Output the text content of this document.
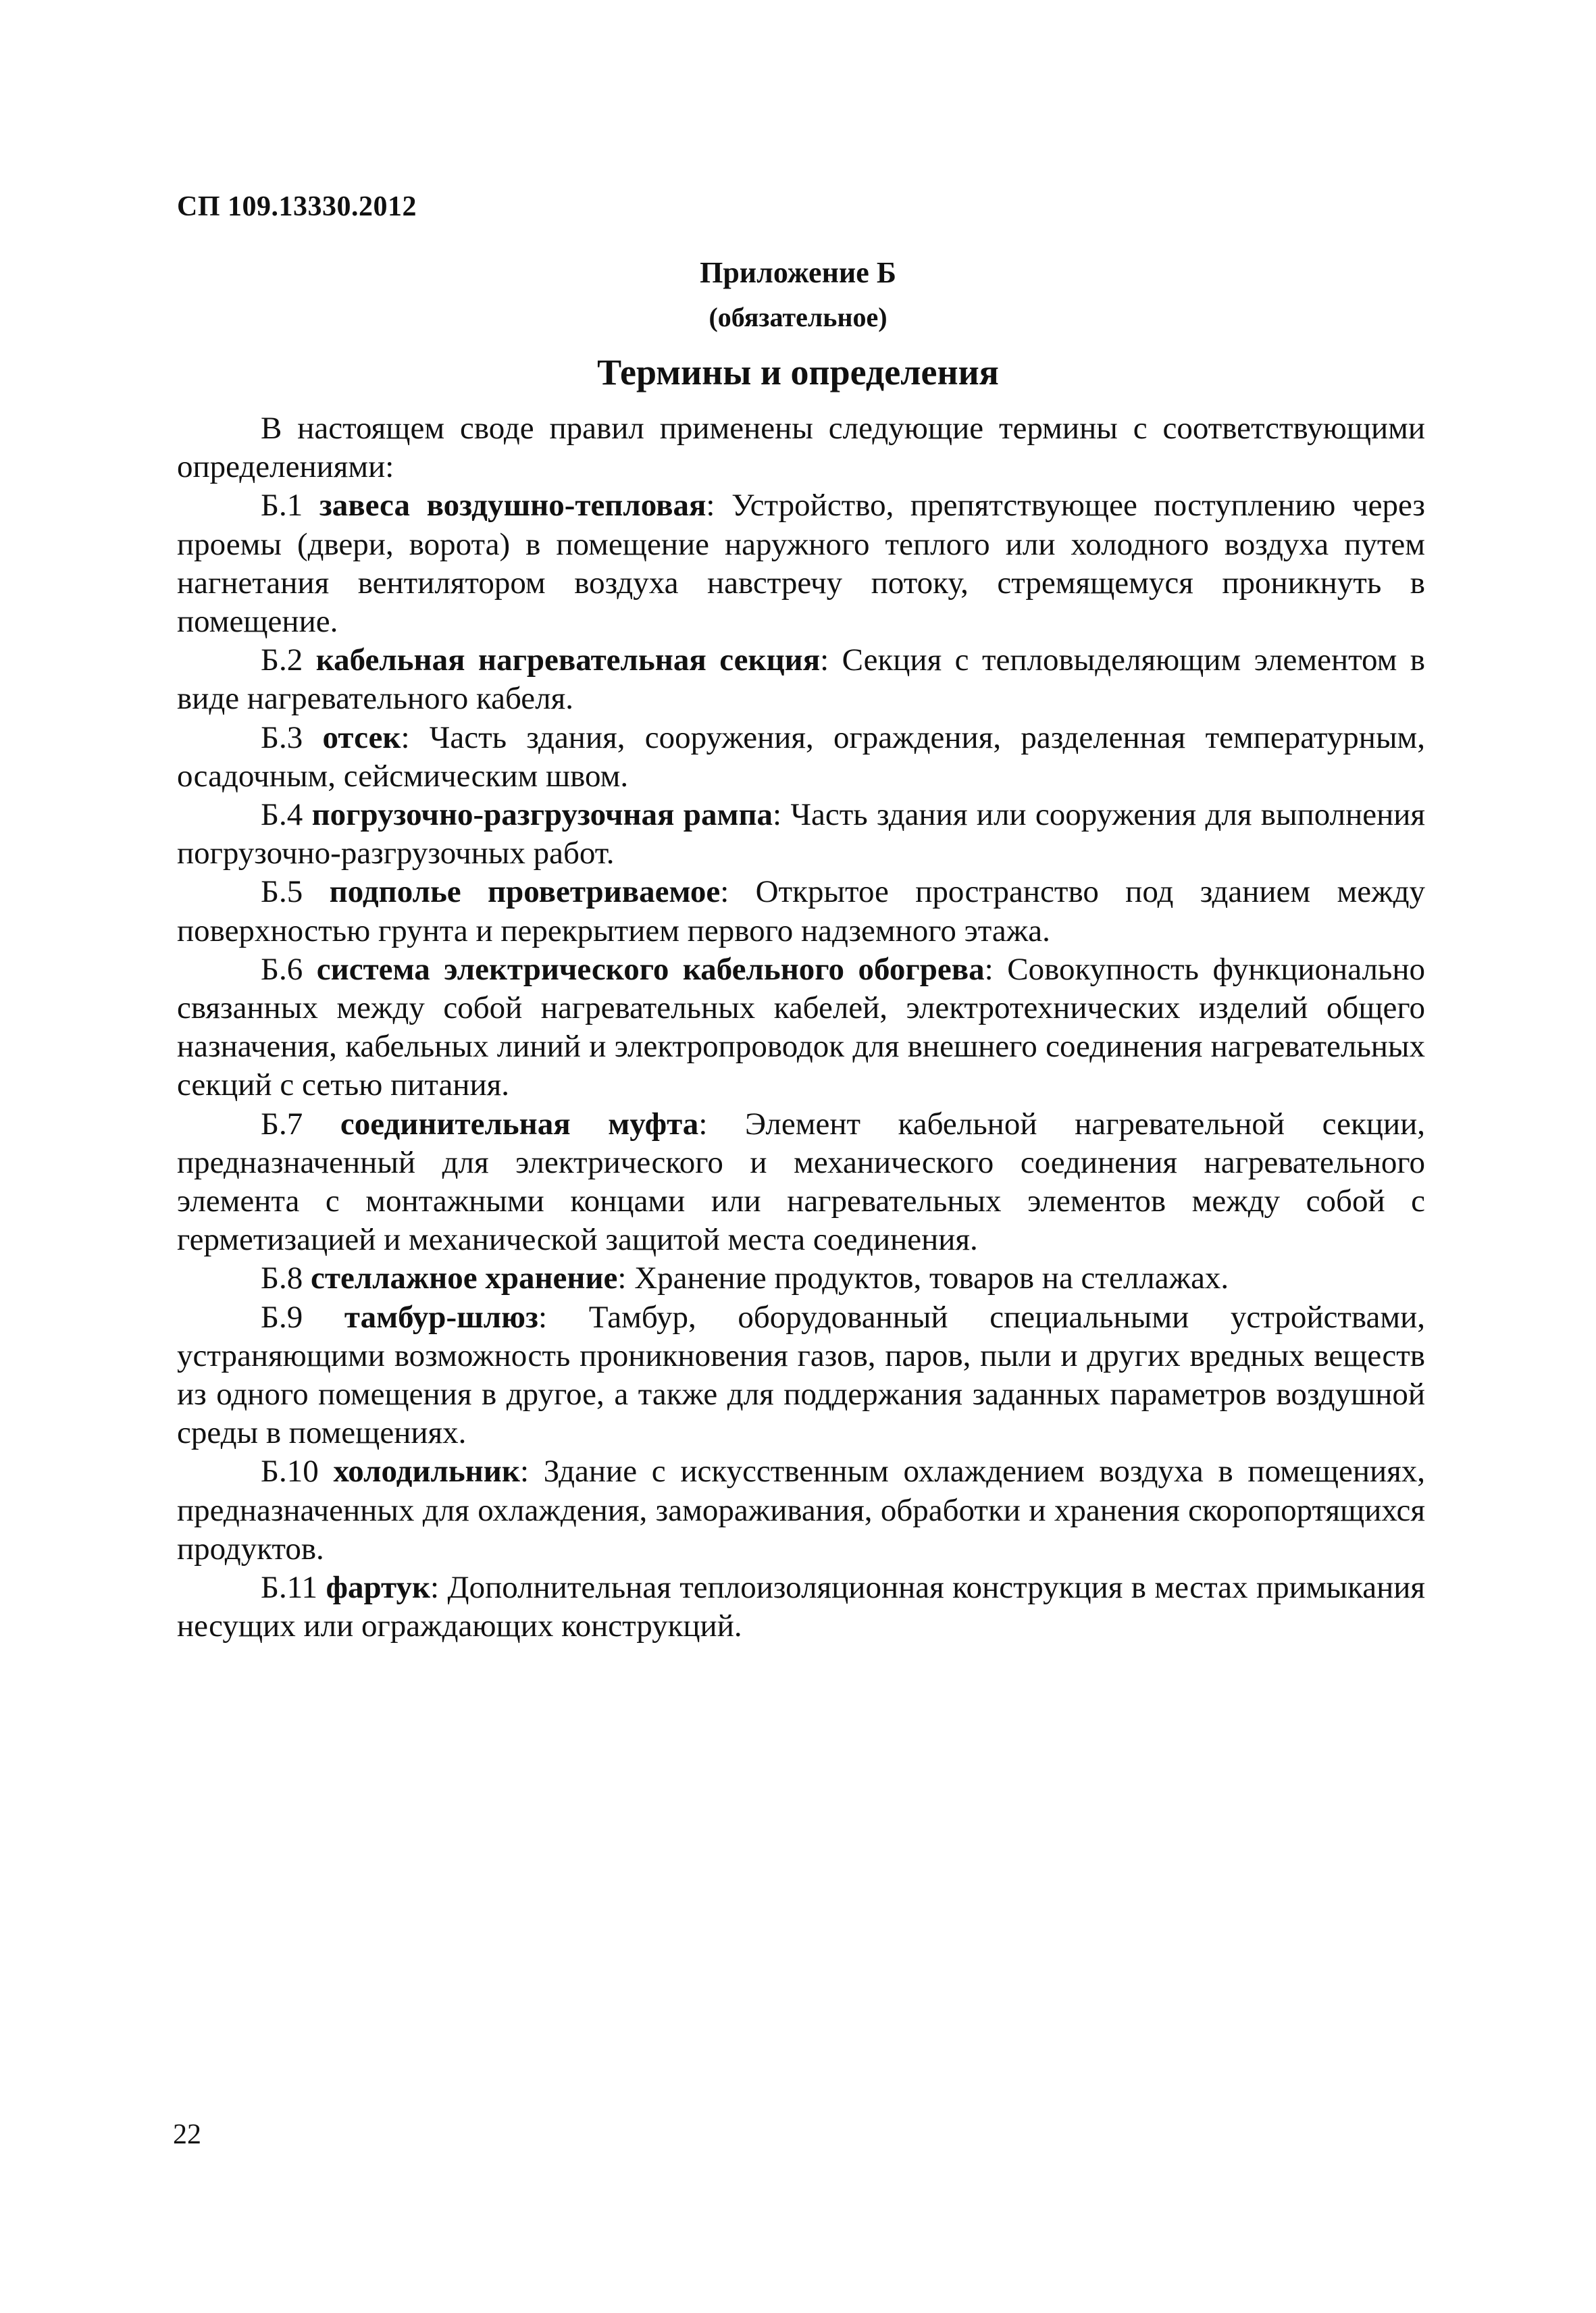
СП 109.13330.2012
Приложение Б
(обязательное)
Термины и определения

В настоящем своде правил применены следующие термины с соответствующими определениями:

Б.1 завеса воздушно-тепловая: Устройство, препятствующее поступлению через проемы (двери, ворота) в помещение наружного теплого или холодного воздуха путем нагнетания вентилятором воздуха навстречу потоку, стремящемуся проникнуть в помещение.

Б.2 кабельная нагревательная секция: Секция с тепловыделяющим элементом в виде нагревательного кабеля.

Б.3 отсек: Часть здания, сооружения, ограждения, разделенная температурным, осадочным, сейсмическим швом.

Б.4 погрузочно-разгрузочная рампа: Часть здания или сооружения для выполнения погрузочно-разгрузочных работ.

Б.5 подполье проветриваемое: Открытое пространство под зданием между поверхностью грунта и перекрытием первого надземного этажа.

Б.6 система электрического кабельного обогрева: Совокупность функционально связанных между собой нагревательных кабелей, электротехнических изделий общего назначения, кабельных линий и электропроводок для внешнего соединения нагревательных секций с сетью питания.

Б.7 соединительная муфта: Элемент кабельной нагревательной секции, предназначенный для электрического и механического соединения нагревательного элемента с монтажными концами или нагревательных элементов между собой с герметизацией и механической защитой места соединения.

Б.8 стеллажное хранение: Хранение продуктов, товаров на стеллажах.

Б.9 тамбур-шлюз: Тамбур, оборудованный специальными устройствами, устраняющими возможность проникновения газов, паров, пыли и других вредных веществ из одного помещения в другое, а также для поддержания заданных параметров воздушной среды в помещениях.

Б.10 холодильник: Здание с искусственным охлаждением воздуха в помещениях, предназначенных для охлаждения, замораживания, обработки и хранения скоропортящихся продуктов.

Б.11 фартук: Дополнительная теплоизоляционная конструкция в местах примыкания несущих или ограждающих конструкций.

22
